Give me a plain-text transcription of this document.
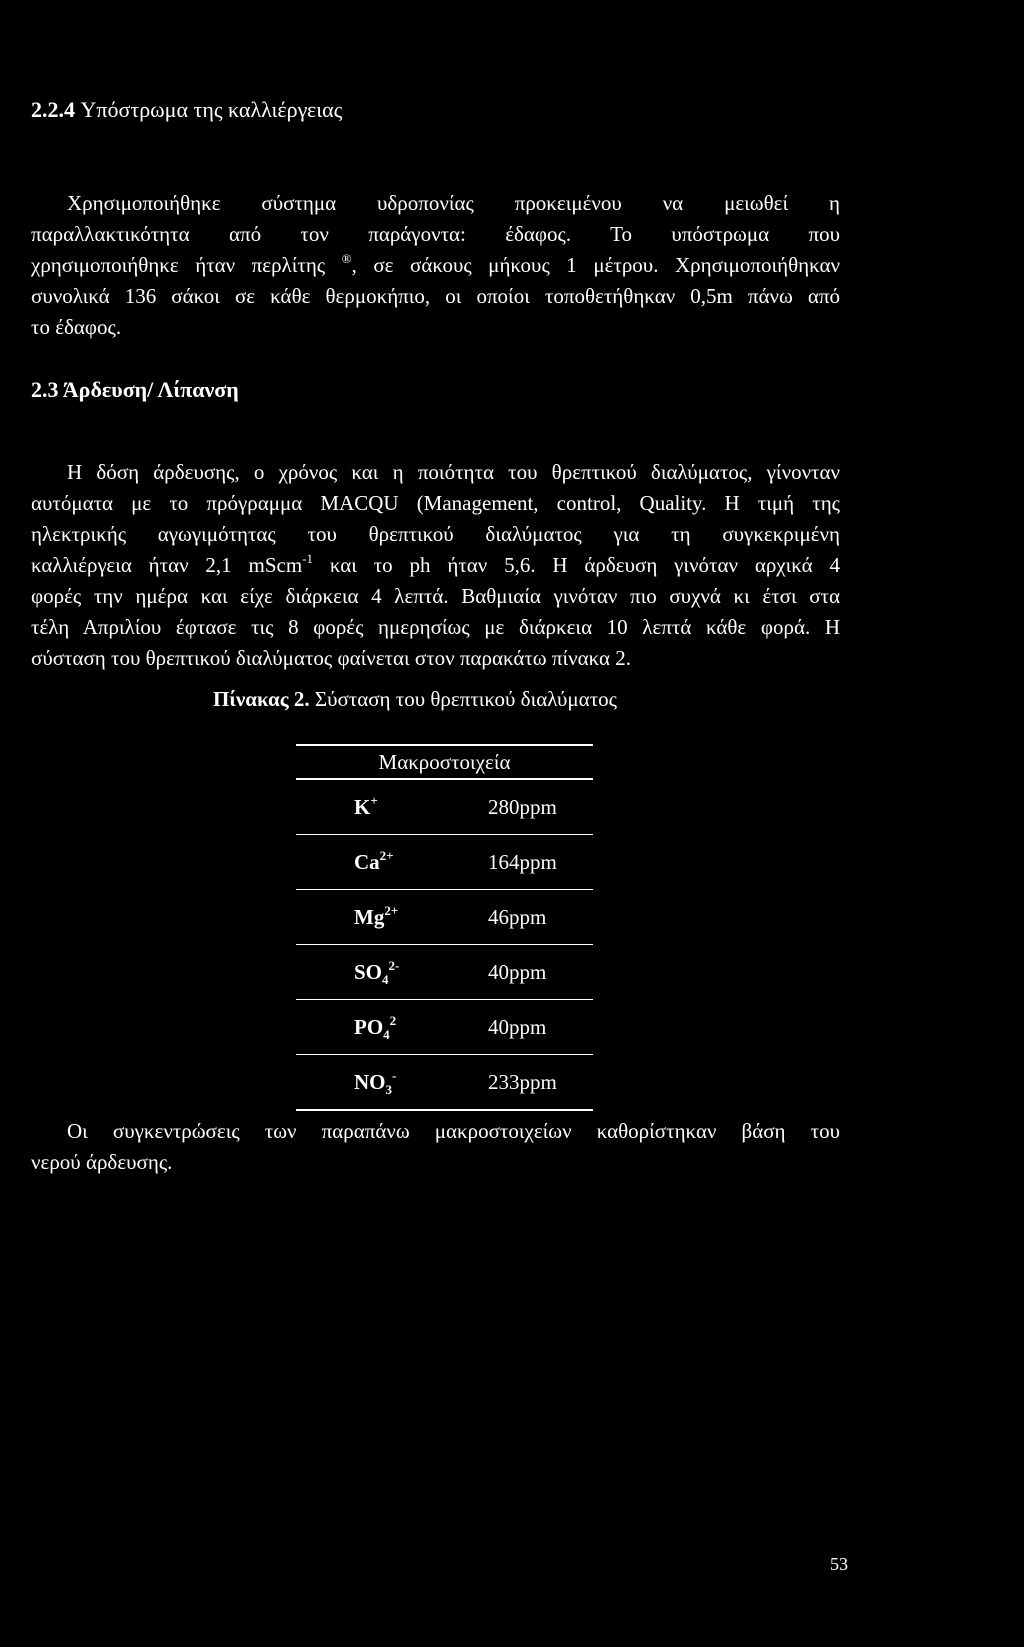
2.2.4 Υπόστρωμα της καλλιέργειας
Χρησιμοποιήθηκε σύστημα υδροπονίας προκειμένου να μειωθεί η
παραλλακτικότητα από τον παράγοντα: έδαφος. Το υπόστρωμα που
χρησιμοποιήθηκε ήταν περλίτης ®, σε σάκους μήκους 1 μέτρου. Χρησιμοποιήθηκαν
συνολικά 136 σάκοι σε κάθε θερμοκήπιο, οι οποίοι τοποθετήθηκαν 0,5m πάνω από
το έδαφος.
2.3 Άρδευση/ Λίπανση
Η δόση άρδευσης, ο χρόνος και η ποιότητα του θρεπτικού διαλύματος, γίνονταν
αυτόματα με το πρόγραμμα MACQU (Management, control, Quality. Η τιμή της
ηλεκτρικής αγωγιμότητας του θρεπτικού διαλύματος για τη συγκεκριμένη
καλλιέργεια ήταν 2,1 mScm$^{-1}$ και το ph ήταν 5,6. Η άρδευση γινόταν αρχικά 4
φορές την ημέρα και είχε διάρκεια 4 λεπτά. Βαθμιαία γινόταν πιο συχνά κι έτσι στα
τέλη Απριλίου έφτασε τις 8 φορές ημερησίως με διάρκεια 10 λεπτά κάθε φορά. Η
σύσταση του θρεπτικού διαλύματος φαίνεται στον παρακάτω πίνακα 2.

Πίνακας 2. Σύσταση του θρεπτικού διαλύματος

Μακροστοιχεία	
K+	280ppm
$Ca^{2+}$	164ppm
$Mg^{2+}$	46ppm
$SO_4^{2-}$	40ppm
$PO_4^2$	40ppm
$NO_3^-$	233ppm
Οι συγκεντρώσεις των παραπάνω μακροστοιχείων καθορίστηκαν βάση του
νερού άρδευσης.

53
